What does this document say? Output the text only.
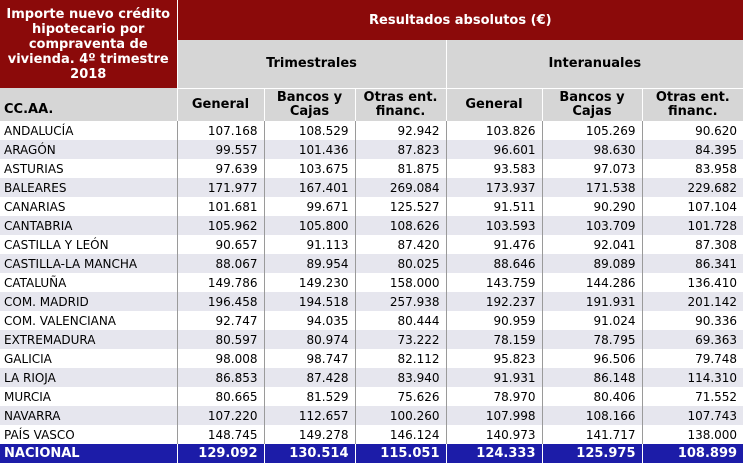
Importe nuevo crédito hipotecario por compraventa de vivienda. 4º trimestre 2018	Resultados absolutos (€)					
	Trimestrales			Interanuales		
CC.AA.	General	Bancos y Cajas	Otras ent. financ.	General	Bancos y Cajas	Otras ent. financ.
ANDALUCÍA	107.168	108.529	92.942	103.826	105.269	90.620
ARAGÓN	99.557	101.436	87.823	96.601	98.630	84.395
ASTURIAS	97.639	103.675	81.875	93.583	97.073	83.958
BALEARES	171.977	167.401	269.084	173.937	171.538	229.682
CANARIAS	101.681	99.671	125.527	91.511	90.290	107.104
CANTABRIA	105.962	105.800	108.626	103.593	103.709	101.728
CASTILLA Y LEÓN	90.657	91.113	87.420	91.476	92.041	87.308
CASTILLA-LA MANCHA	88.067	89.954	80.025	88.646	89.089	86.341
CATALUÑA	149.786	149.230	158.000	143.759	144.286	136.410
COM. MADRID	196.458	194.518	257.938	192.237	191.931	201.142
COM. VALENCIANA	92.747	94.035	80.444	90.959	91.024	90.336
EXTREMADURA	80.597	80.974	73.222	78.159	78.795	69.363
GALICIA	98.008	98.747	82.112	95.823	96.506	79.748
LA RIOJA	86.853	87.428	83.940	91.931	86.148	114.310
MURCIA	80.665	81.529	75.626	78.970	80.406	71.552
NAVARRA	107.220	112.657	100.260	107.998	108.166	107.743
PAÍS VASCO	148.745	149.278	146.124	140.973	141.717	138.000
NACIONAL	129.092	130.514	115.051	124.333	125.975	108.899
